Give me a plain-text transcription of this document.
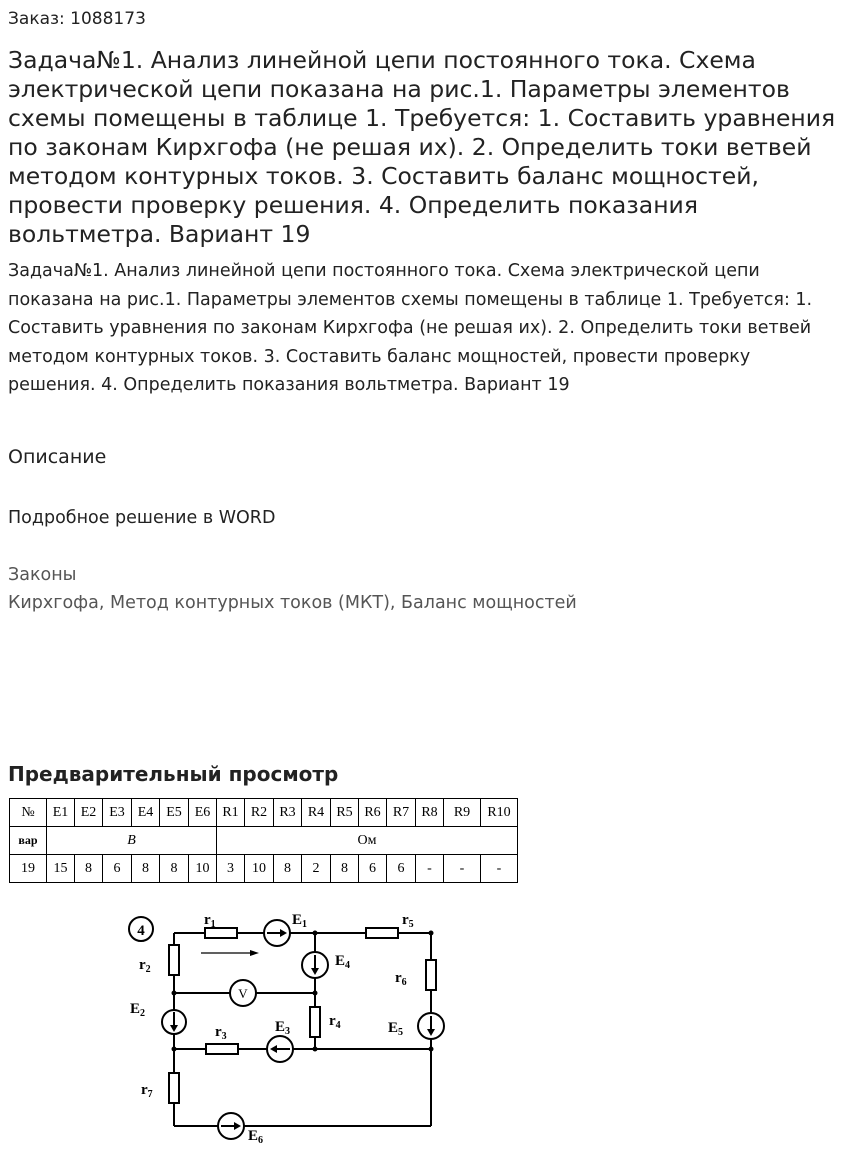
Заказ: 1088173
Задача№1. Анализ линейной цепи постоянного тока. Схема электрической цепи показана на рис.1. Параметры элементов схемы помещены в таблице 1. Требуется: 1. Составить уравнения по законам Кирхгофа (не решая их). 2. Определить токи ветвей методом контурных токов. 3. Составить баланс мощностей, провести проверку решения. 4. Определить показания вольтметра. Вариант 19

Задача№1. Анализ линейной цепи постоянного тока. Схема электрической цепи показана на рис.1. Параметры элементов схемы помещены в таблице 1. Требуется: 1. Составить уравнения по законам Кирхгофа (не решая их). 2. Определить токи ветвей методом контурных токов. 3. Составить баланс мощностей, провести проверку решения. 4. Определить показания вольтметра. Вариант 19

Описание
Подробное решение в WORD
Законы
Кирхгофа, Метод контурных токов (МКТ), Баланс мощностей
Предварительный просмотр
№	E1	E2	E3	E4	E5	E6	R1	R2	R3	R4	R5	R6	R7	R8	R9	R10
вар	В						Ом									
19	15	8	6	8	8	10	3	10	8	2	8	6	6	-	-	-
4
V
$r_1$	$E_1$	$r_5$
$r_2$
$E_4$
$r_6$
$E_2$
$r_3$
$E_3$
$r_4$	$E_5$
$r_7$
$E_6$
